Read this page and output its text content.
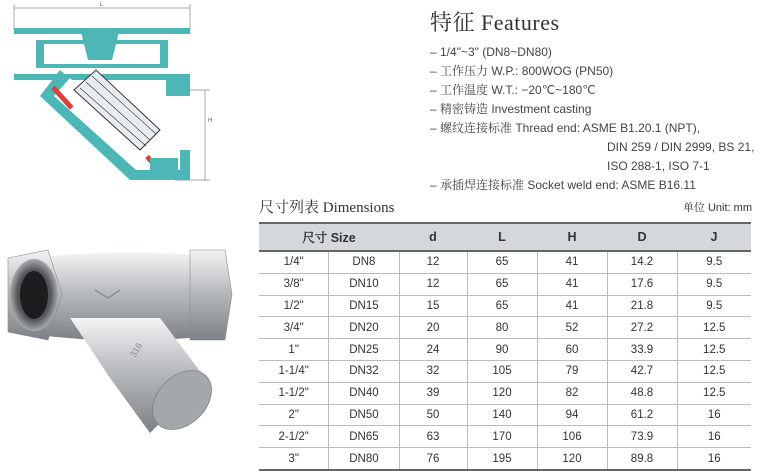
L
H
316
特征 Features
– 1/4"~3" (DN8~DN80)
– 工作压力 W.P.: 800WOG (PN50)
– 工作温度 W.T.: −20℃~180℃
– 精密铸造 Investment casting
– 螺纹连接标准 Thread end: ASME B1.20.1 (NPT),
DIN 259 / DIN 2999, BS 21,
ISO 288-1, ISO 7-1
– 承插焊连接标准 Socket weld end: ASME B16.11
尺寸列表 Dimensions	单位 Unit: mm
尺寸 Size		d	L	H	D	J
1/4"	DN8	12	65	41	14.2	9.5
3/8"	DN10	12	65	41	17.6	9.5
1/2"	DN15	15	65	41	21.8	9.5
3/4"	DN20	20	80	52	27.2	12.5
1"	DN25	24	90	60	33.9	12.5
1-1/4"	DN32	32	105	79	42.7	12.5
1-1/2"	DN40	39	120	82	48.8	12.5
2"	DN50	50	140	94	61.2	16
2-1/2"	DN65	63	170	106	73.9	16
3"	DN80	76	195	120	89.8	16
